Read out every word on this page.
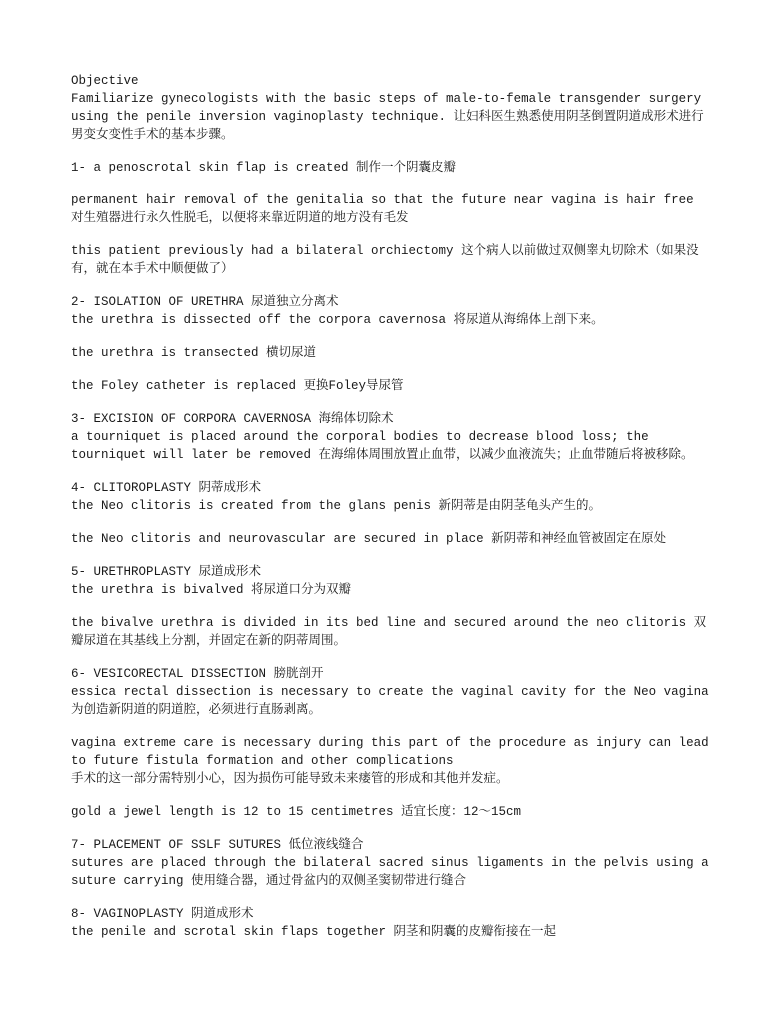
Objective

Familiarize gynecologists with the basic steps of male-to-female transgender surgery using the penile inversion vaginoplasty technique. 让妇科医生熟悉使用阴茎倒置阴道成形术进行男变女变性手术的基本步骤。

1- a penoscrotal skin flap is created 制作一个阴囊皮瓣

permanent hair removal of the genitalia so that the future near vagina is hair free 对生殖器进行永久性脱毛，以便将来靠近阴道的地方没有毛发

this patient previously had a bilateral orchiectomy 这个病人以前做过双侧睾丸切除术（如果没有，就在本手术中顺便做了）

2- ISOLATION OF URETHRA 尿道独立分离术

the urethra is dissected off the corpora cavernosa 将尿道从海绵体上剖下来。

the urethra is transected 横切尿道

the Foley catheter is replaced 更换Foley导尿管

3- EXCISION OF CORPORA CAVERNOSA 海绵体切除术

a tourniquet is placed around the corporal bodies to decrease blood loss; the tourniquet will later be removed 在海绵体周围放置止血带，以减少血液流失；止血带随后将被移除。

4- CLITOROPLASTY 阴蒂成形术

the Neo clitoris is created from the glans penis 新阴蒂是由阴茎龟头产生的。

the Neo clitoris and neurovascular are secured in place 新阴蒂和神经血管被固定在原处

5- URETHROPLASTY 尿道成形术

the urethra is bivalved 将尿道口分为双瓣

the bivalve urethra is divided in its bed line and secured around the neo clitoris 双瓣尿道在其基线上分割，并固定在新的阴蒂周围。

6- VESICORECTAL DISSECTION 膀胱剖开

essica rectal dissection is necessary to create the vaginal cavity for the Neo vagina 为创造新阴道的阴道腔，必须进行直肠剥离。

vagina extreme care is necessary during this part of the procedure as injury can lead to future fistula formation and other complications

手术的这一部分需特别小心，因为损伤可能导致未来瘘管的形成和其他并发症。

gold a jewel length is 12 to 15 centimetres 适宜长度：12～15cm

7- PLACEMENT OF SSLF SUTURES 低位液线缝合

sutures are placed through the bilateral sacred sinus ligaments in the pelvis using a suture carrying 使用缝合器，通过骨盆内的双侧圣窦韧带进行缝合

8- VAGINOPLASTY 阴道成形术

the penile and scrotal skin flaps together 阴茎和阴囊的皮瓣衔接在一起
